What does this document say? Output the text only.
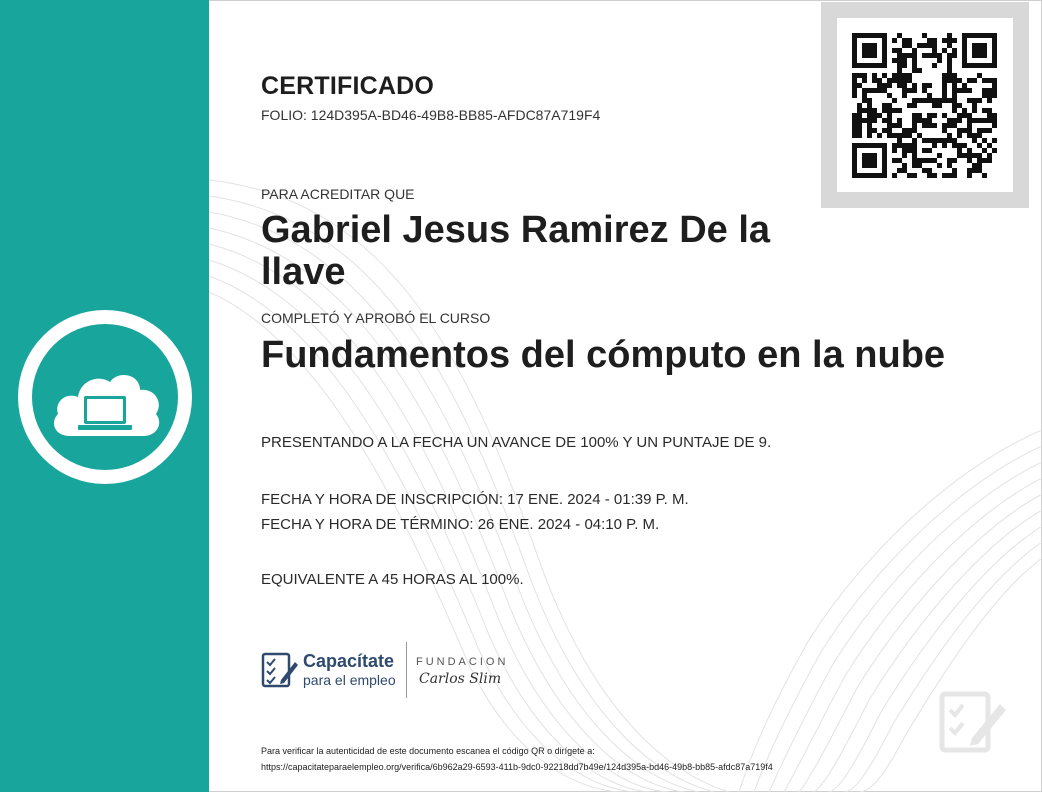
CERTIFICADO
FOLIO: 124D395A-BD46-49B8-BB85-AFDC87A719F4
PARA ACREDITAR QUE
Gabriel Jesus Ramirez De la llave
COMPLETÓ Y APROBÓ EL CURSO
Fundamentos del cómputo en la nube
PRESENTANDO A LA FECHA UN AVANCE DE 100% Y UN PUNTAJE DE 9.
FECHA Y HORA DE INSCRIPCIÓN: 17 ENE. 2024 - 01:39 P. M.
FECHA Y HORA DE TÉRMINO: 26 ENE. 2024 - 04:10 P. M.
EQUIVALENTE A 45 HORAS AL 100%.
Capacítate
para el empleo
FUNDACION
Carlos Slim
Para verificar la autenticidad de este documento escanea el código QR o dirígete a:
https://capacitateparaelempleo.org/verifica/6b962a29-6593-411b-9dc0-92218dd7b49e/124d395a-bd46-49b8-bb85-afdc87a719f4
